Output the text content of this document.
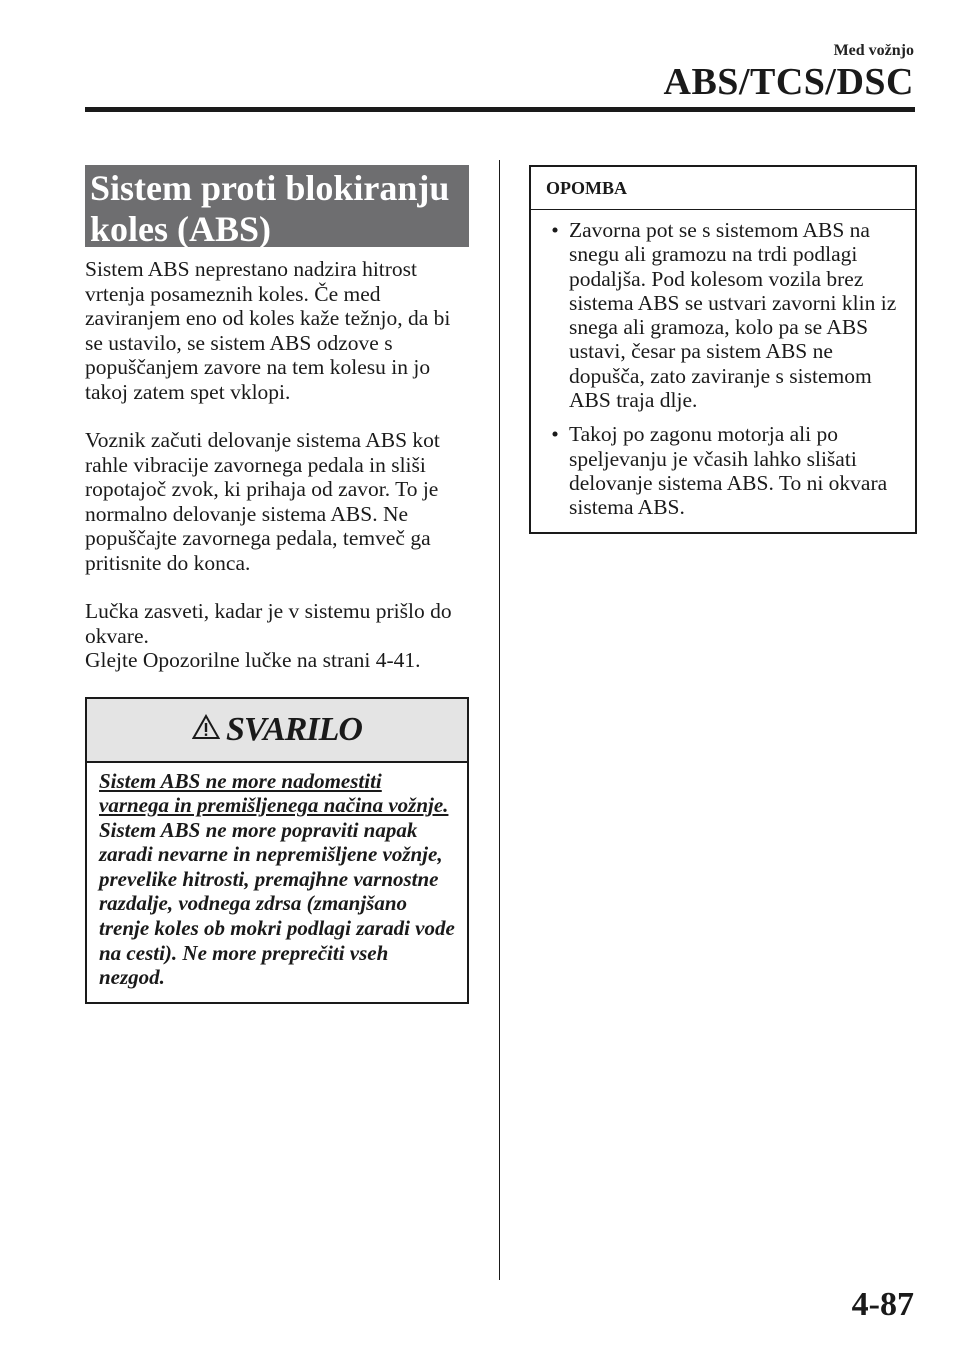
Med vožnjo
ABS/TCS/DSC
Sistem proti blokiranju
koles (ABS)

Sistem ABS neprestano nadzira hitrost vrtenja posameznih koles. Če med zaviranjem eno od koles kaže težnjo, da bi se ustavilo, se sistem ABS odzove s popuščanjem zavore na tem kolesu in jo takoj zatem spet vklopi.

Voznik začuti delovanje sistema ABS kot rahle vibracije zavornega pedala in sliši ropotajoč zvok, ki prihaja od zavor. To je normalno delovanje sistema ABS. Ne popuščajte zavornega pedala, temveč ga pritisnite do konca.

Lučka zasveti, kadar je v sistemu prišlo do okvare.
Glejte Opozorilne lučke na strani 4-41.
SVARILO
Sistem ABS ne more nadomestiti varnega in premišljenega načina vožnje.
Sistem ABS ne more popraviti napak zaradi nevarne in nepremišljene vožnje, prevelike hitrosti, premajhne varnostne razdalje, vodnega zdrsa (zmanjšano trenje koles ob mokri podlagi zaradi vode na cesti). Ne more preprečiti vseh nezgod.
OPOMBA
• Zavorna pot se s sistemom ABS na snegu ali gramozu na trdi podlagi podaljša. Pod kolesom vozila brez sistema ABS se ustvari zavorni klin iz snega ali gramoza, kolo pa se ABS ustavi, česar pa sistem ABS ne dopušča, zato zaviranje s sistemom ABS traja dlje.
• Takoj po zagonu motorja ali po speljevanju je včasih lahko slišati delovanje sistema ABS. To ni okvara sistema ABS.
4-87
